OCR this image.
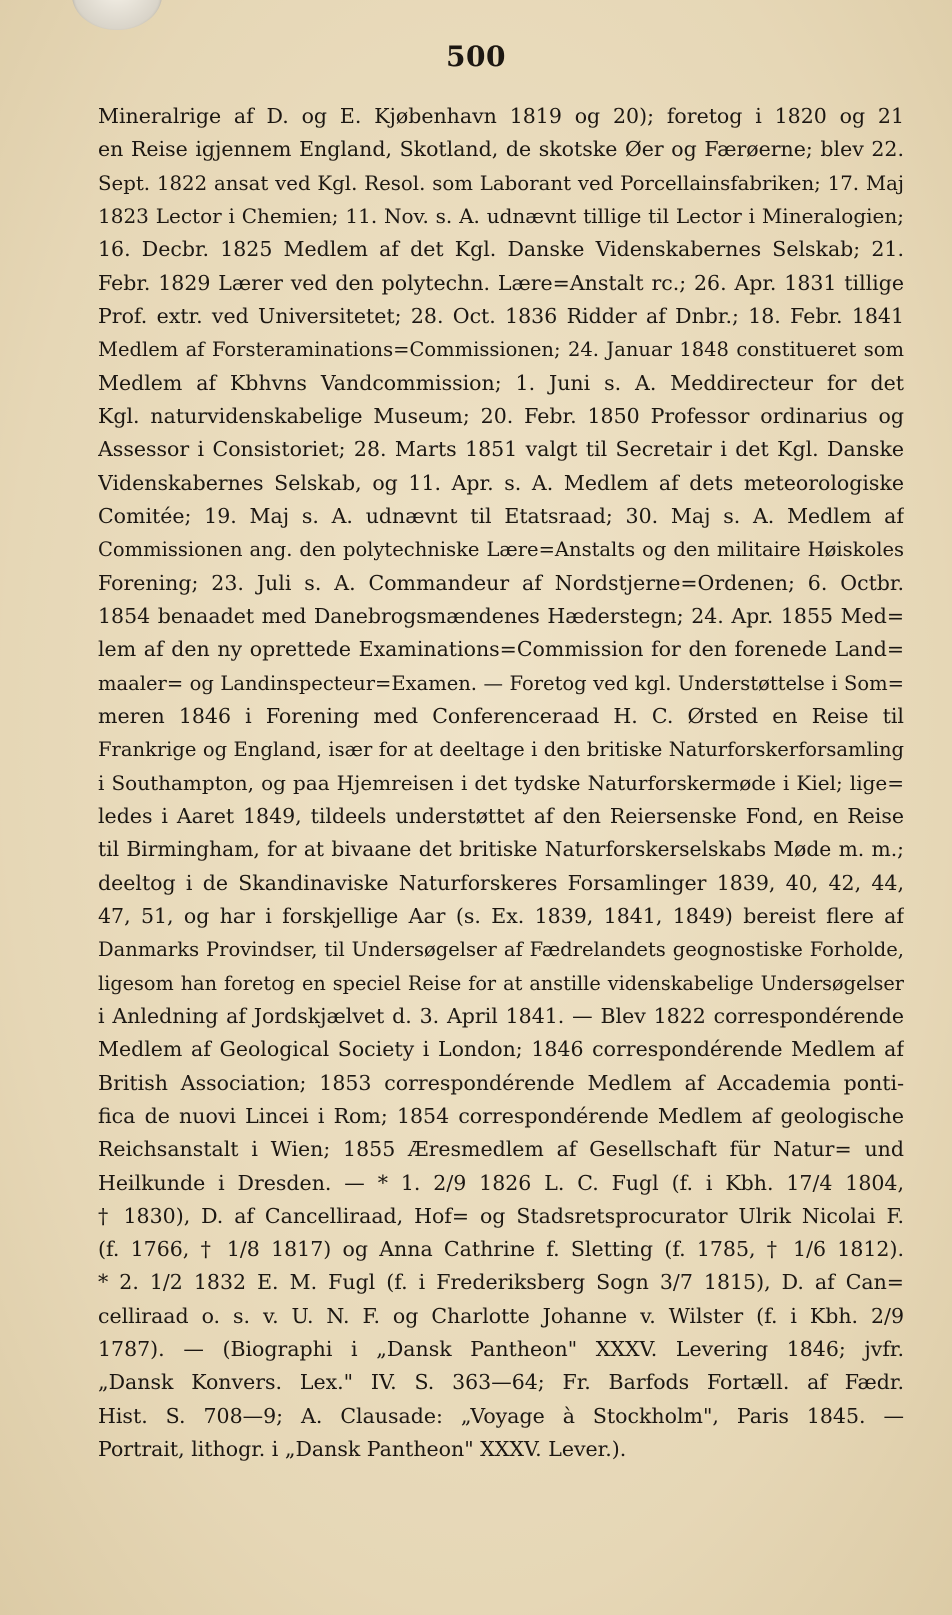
500
Mineralrige af D. og E. Kjøbenhavn 1819 og 20); foretog i 1820 og 21
en Reise igjennem England, Skotland, de skotske Øer og Færøerne; blev 22.
Sept. 1822 ansat ved Kgl. Resol. som Laborant ved Porcellainsfabriken; 17. Maj
1823 Lector i Chemien; 11. Nov. s. A. udnævnt tillige til Lector i Mineralogien;
16. Decbr. 1825 Medlem af det Kgl. Danske Videnskabernes Selskab; 21.
Febr. 1829 Lærer ved den polytechn. Lære=Anstalt rc.; 26. Apr. 1831 tillige
Prof. extr. ved Universitetet; 28. Oct. 1836 Ridder af Dnbr.; 18. Febr. 1841
Medlem af Forsteraminations=Commissionen; 24. Januar 1848 constitueret som
Medlem af Kbhvns Vandcommission; 1. Juni s. A. Meddirecteur for det
Kgl. naturvidenskabelige Museum; 20. Febr. 1850 Professor ordinarius og
Assessor i Consistoriet; 28. Marts 1851 valgt til Secretair i det Kgl. Danske
Videnskabernes Selskab, og 11. Apr. s. A. Medlem af dets meteorologiske
Comitée; 19. Maj s. A. udnævnt til Etatsraad; 30. Maj s. A. Medlem af
Commissionen ang. den polytechniske Lære=Anstalts og den militaire Høiskoles
Forening; 23. Juli s. A. Commandeur af Nordstjerne=Ordenen; 6. Octbr.
1854 benaadet med Danebrogsmændenes Hæderstegn; 24. Apr. 1855 Med=
lem af den ny oprettede Examinations=Commission for den forenede Land=
maaler= og Landinspecteur=Examen. — Foretog ved kgl. Understøttelse i Som=
meren 1846 i Forening med Conferenceraad H. C. Ørsted en Reise til
Frankrige og England, især for at deeltage i den britiske Naturforskerforsamling
i Southampton, og paa Hjemreisen i det tydske Naturforskermøde i Kiel; lige=
ledes i Aaret 1849, tildeels understøttet af den Reiersenske Fond, en Reise
til Birmingham, for at bivaane det britiske Naturforskerselskabs Møde m. m.;
deeltog i de Skandinaviske Naturforskeres Forsamlinger 1839, 40, 42, 44,
47, 51, og har i forskjellige Aar (s. Ex. 1839, 1841, 1849) bereist flere af
Danmarks Provindser, til Undersøgelser af Fædrelandets geognostiske Forholde,
ligesom han foretog en speciel Reise for at anstille videnskabelige Undersøgelser
i Anledning af Jordskjælvet d. 3. April 1841. — Blev 1822 correspondérende
Medlem af Geological Society i London; 1846 correspondérende Medlem af
British Association; 1853 correspondérende Medlem af Accademia ponti-
fica de nuovi Lincei i Rom; 1854 correspondérende Medlem af geologische
Reichsanstalt i Wien; 1855 Æresmedlem af Gesellschaft für Natur= und
Heilkunde i Dresden. — * 1. 2/9 1826 L. C. Fugl (f. i Kbh. 17/4 1804,
† 1830), D. af Cancelliraad, Hof= og Stadsretsprocurator Ulrik Nicolai F.
(f. 1766, † 1/8 1817) og Anna Cathrine f. Sletting (f. 1785, † 1/6 1812).
* 2. 1/2 1832 E. M. Fugl (f. i Frederiksberg Sogn 3/7 1815), D. af Can=
celliraad o. s. v. U. N. F. og Charlotte Johanne v. Wilster (f. i Kbh. 2/9
1787). — (Biographi i „Dansk Pantheon" XXXV. Levering 1846; jvfr.
„Dansk Konvers. Lex." IV. S. 363—64; Fr. Barfods Fortæll. af Fædr.
Hist. S. 708—9; A. Clausade: „Voyage à Stockholm", Paris 1845. —
Portrait, lithogr. i „Dansk Pantheon" XXXV. Lever.).
